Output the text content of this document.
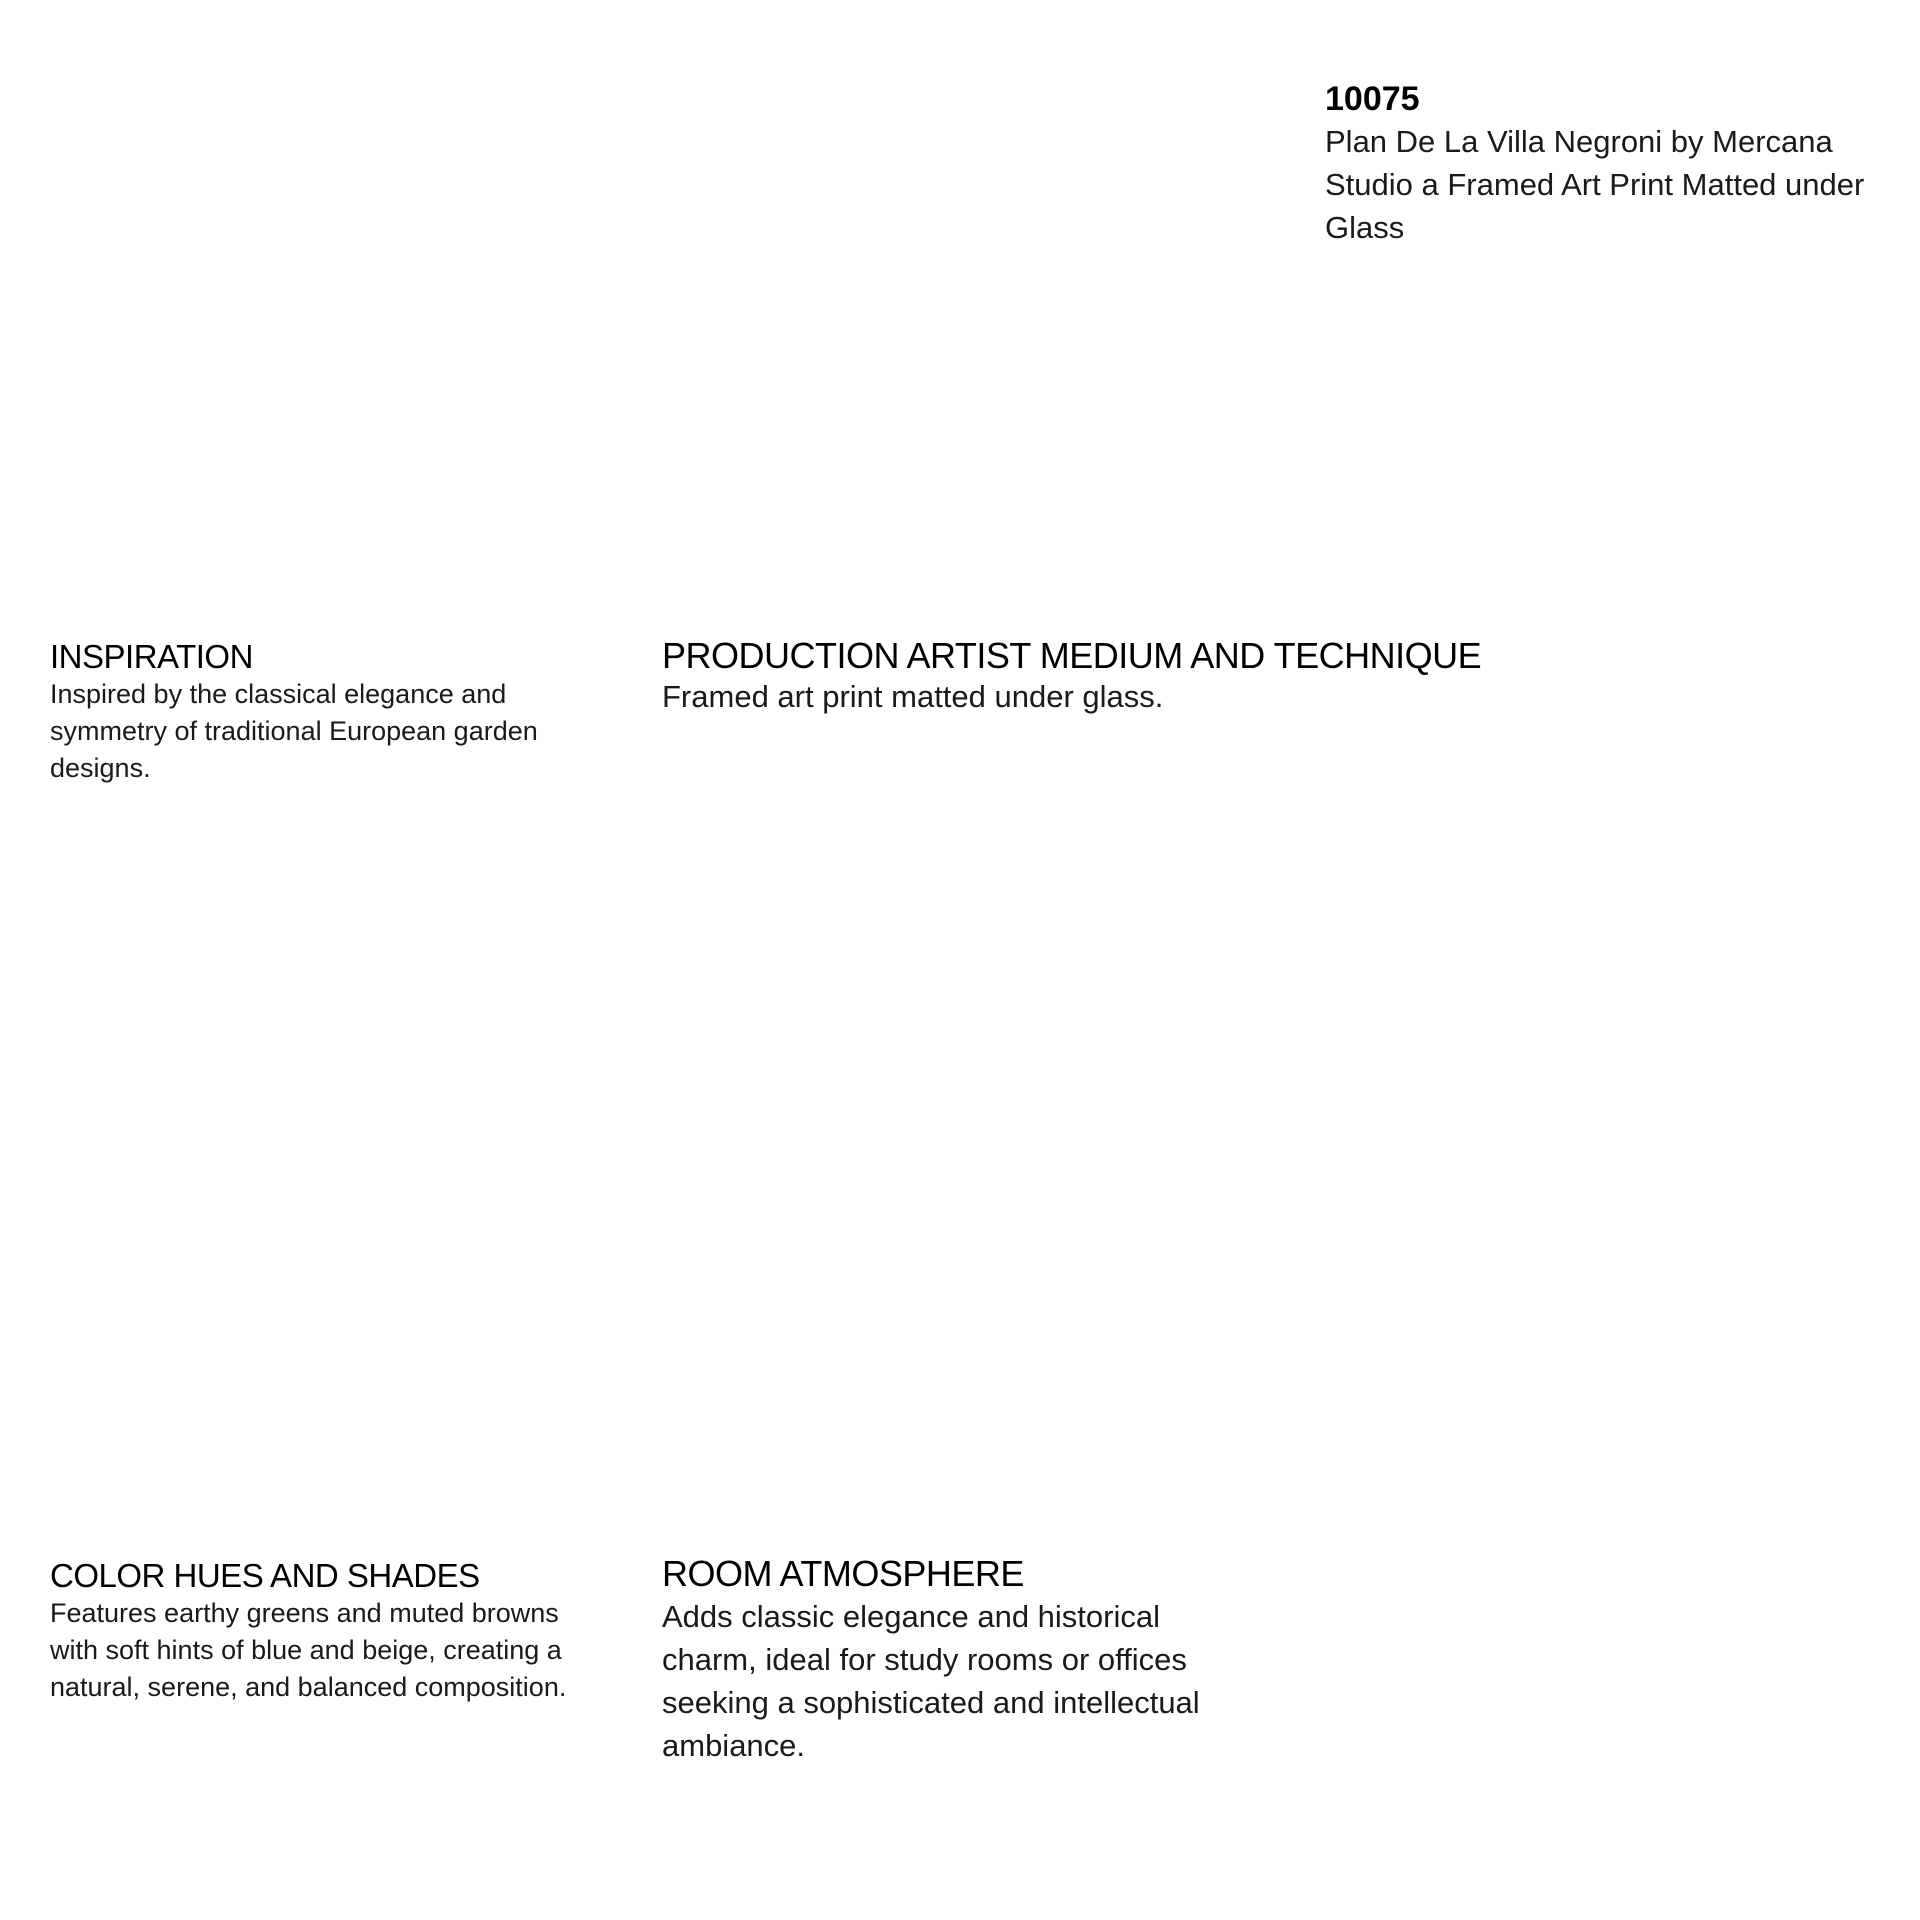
10075

Plan De La Villa Negroni by Mercana Studio a Framed Art Print Matted under Glass

INSPIRATION

Inspired by the classical elegance and symmetry of traditional European garden designs.

PRODUCTION ARTIST MEDIUM AND TECHNIQUE

Framed art print matted under glass.

COLOR HUES AND SHADES

Features earthy greens and muted browns with soft hints of blue and beige, creating a natural, serene, and balanced composition.

ROOM ATMOSPHERE

Adds classic elegance and historical charm, ideal for study rooms or offices seeking a sophisticated and intellectual ambiance.
